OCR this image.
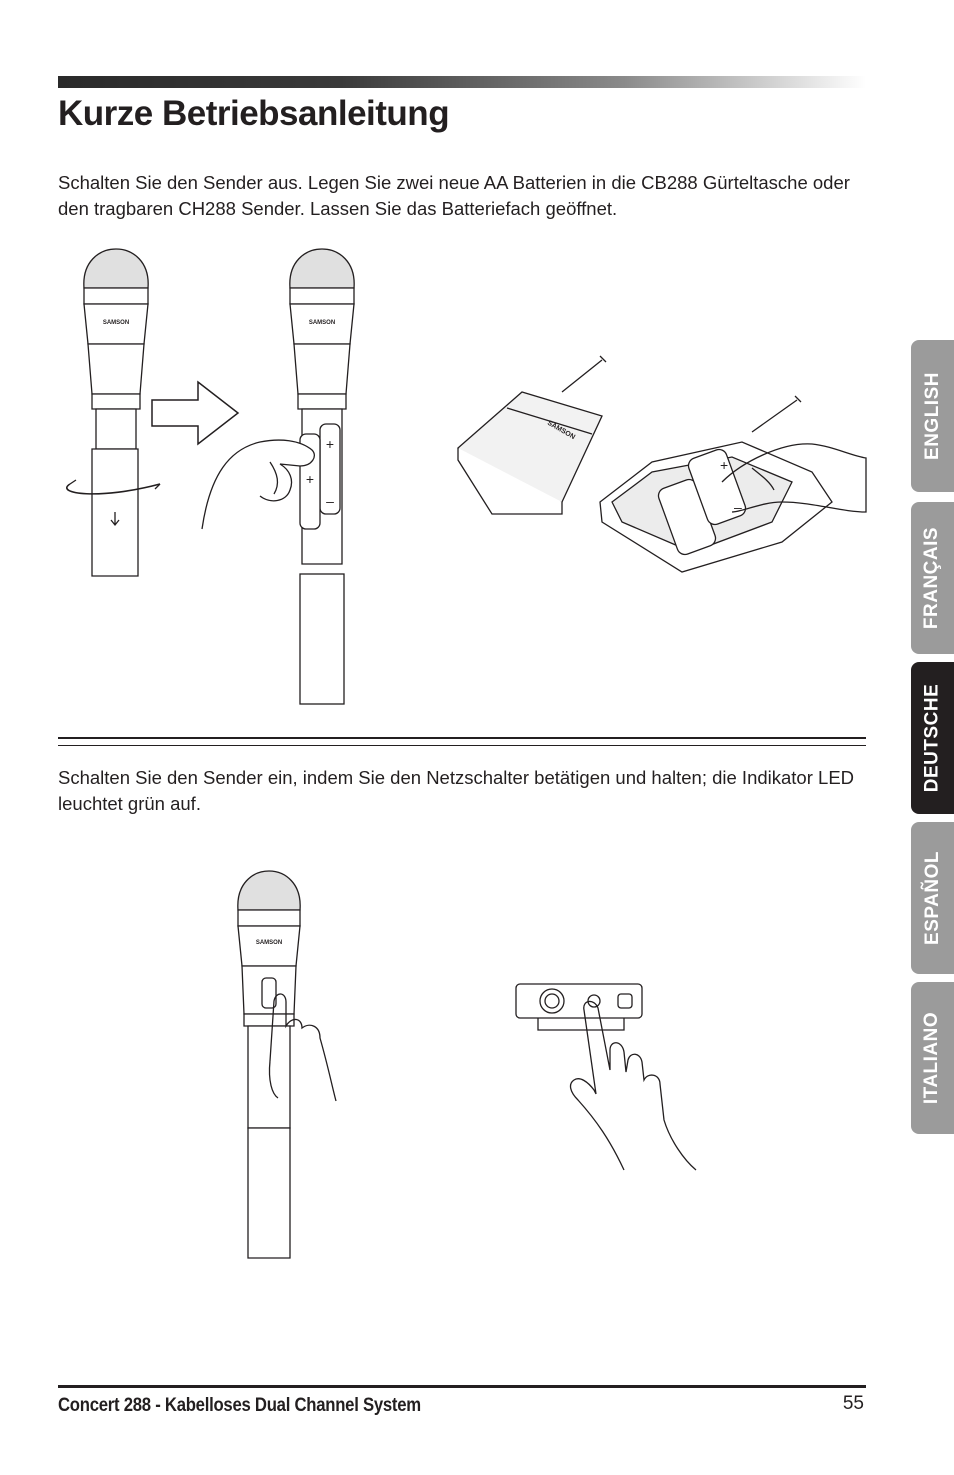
Kurze Betriebsanleitung

Schalten Sie den Sender aus. Legen Sie zwei neue AA Batterien in die CB288 Gürteltasche oder den tragbaren CH288 Sender. Lassen Sie das Batteriefach geöffnet.

SAMSON	SAMSON
+
+
–
SAMSON
+
–

Schalten Sie den Sender ein, indem Sie den Netzschalter betätigen und halten; die Indikator LED leuchtet grün auf.

SAMSON
ENGLISH
FRANÇAIS
DEUTSCHE
ESPAÑOL
ITALIANO
Concert 288 - Kabelloses Dual Channel System	55
